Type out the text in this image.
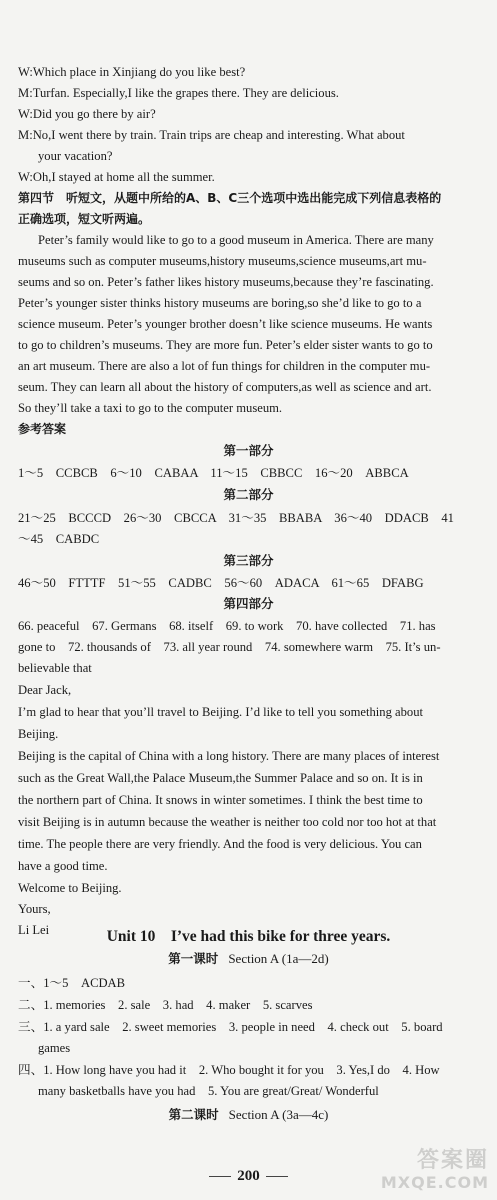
W:Which place in Xinjiang do you like best?
M:Turfan. Especially,I like the grapes there. They are delicious.
W:Did you go there by air?
M:No,I went there by train. Train trips are cheap and interesting. What about
your vacation?
W:Oh,I stayed at home all the summer.
第四节　听短文，从题中所给的A、B、C三个选项中选出能完成下列信息表格的
正确选项，短文听两遍。
Peter’s family would like to go to a good museum in America. There are many
museums such as computer museums,history museums,science museums,art mu-
seums and so on. Peter’s father likes history museums,because they’re fascinating.
Peter’s younger sister thinks history museums are boring,so she’d like to go to a
science museum. Peter’s younger brother doesn’t like science museums. He wants
to go to children’s museums. They are more fun. Peter’s elder sister wants to go to
an art museum. There are also a lot of fun things for children in the computer mu-
seum. They can learn all about the history of computers,as well as science and art.
So they’ll take a taxi to go to the computer museum.
参考答案
第一部分
1～5　CCBCB　6～10　CABAA　11～15　CBBCC　16～20　ABBCA
第二部分
21～25　BCCCD　26～30　CBCCA　31～35　BBABA　36～40　DDACB　41
～45　CABDC
第三部分
46～50　FTTTF　51～55　CADBC　56～60　ADACA　61～65　DFABG
第四部分
66. peaceful　67. Germans　68. itself　69. to work　70. have collected　71. has
gone to　72. thousands of　73. all year round　74. somewhere warm　75. It’s un-
believable that
Dear Jack,
I’m glad to hear that you’ll travel to Beijing. I’d like to tell you something about
Beijing.
Beijing is the capital of China with a long history. There are many places of interest
such as the Great Wall,the Palace Museum,the Summer Palace and so on. It is in
the northern part of China. It snows in winter sometimes. I think the best time to
visit Beijing is in autumn because the weather is neither too cold nor too hot at that
time. The people there are very friendly. And the food is very delicious. You can
have a good time.
Welcome to Beijing.
Yours,
Li Lei	Unit 10　I’ve had this bike for three years.
第一课时 Section A (1a—2d)
一、1～5　ACDAB
二、1. memories　2. sale　3. had　4. maker　5. scarves
三、1. a yard sale　2. sweet memories　3. people in need　4. check out　5. board
games
四、1. How long have you had it　2. Who bought it for you　3. Yes,I do　4. How
many basketballs have you had　5. You are great/Great/ Wonderful
第二课时 Section A (3a—4c)
200
答案圈
MXQE.COM
